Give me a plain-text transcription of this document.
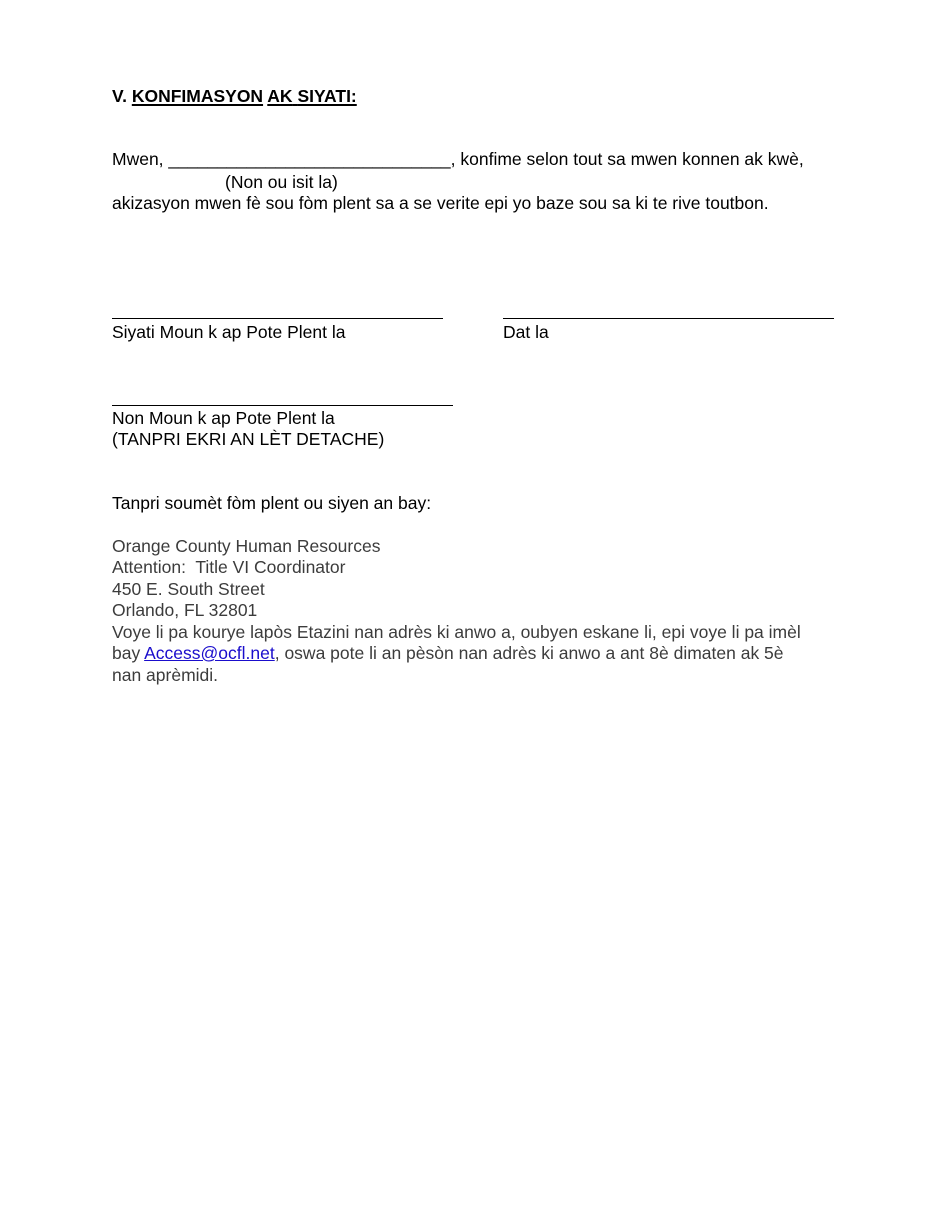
V. KONFIMASYON AK SIYATI:
Mwen, _____________________________, konfime selon tout sa mwen konnen ak kwè,
(Non ou isit la)
akizasyon mwen fè sou fòm plent sa a se verite epi yo baze sou sa ki te rive toutbon.
Siyati Moun k ap Pote Plent la	Dat la
Non Moun k ap Pote Plent la
(TANPRI EKRI AN LÈT DETACHE)
Tanpri soumèt fòm plent ou siyen an bay:
Orange County Human Resources
Attention:  Title VI Coordinator
450 E. South Street
Orlando, FL 32801
Voye li pa kourye lapòs Etazini nan adrès ki anwo a, oubyen eskane li, epi voye li pa imèl
bay Access@ocfl.net, oswa pote li an pèsòn nan adrès ki anwo a ant 8è dimaten ak 5è
nan aprèmidi.
